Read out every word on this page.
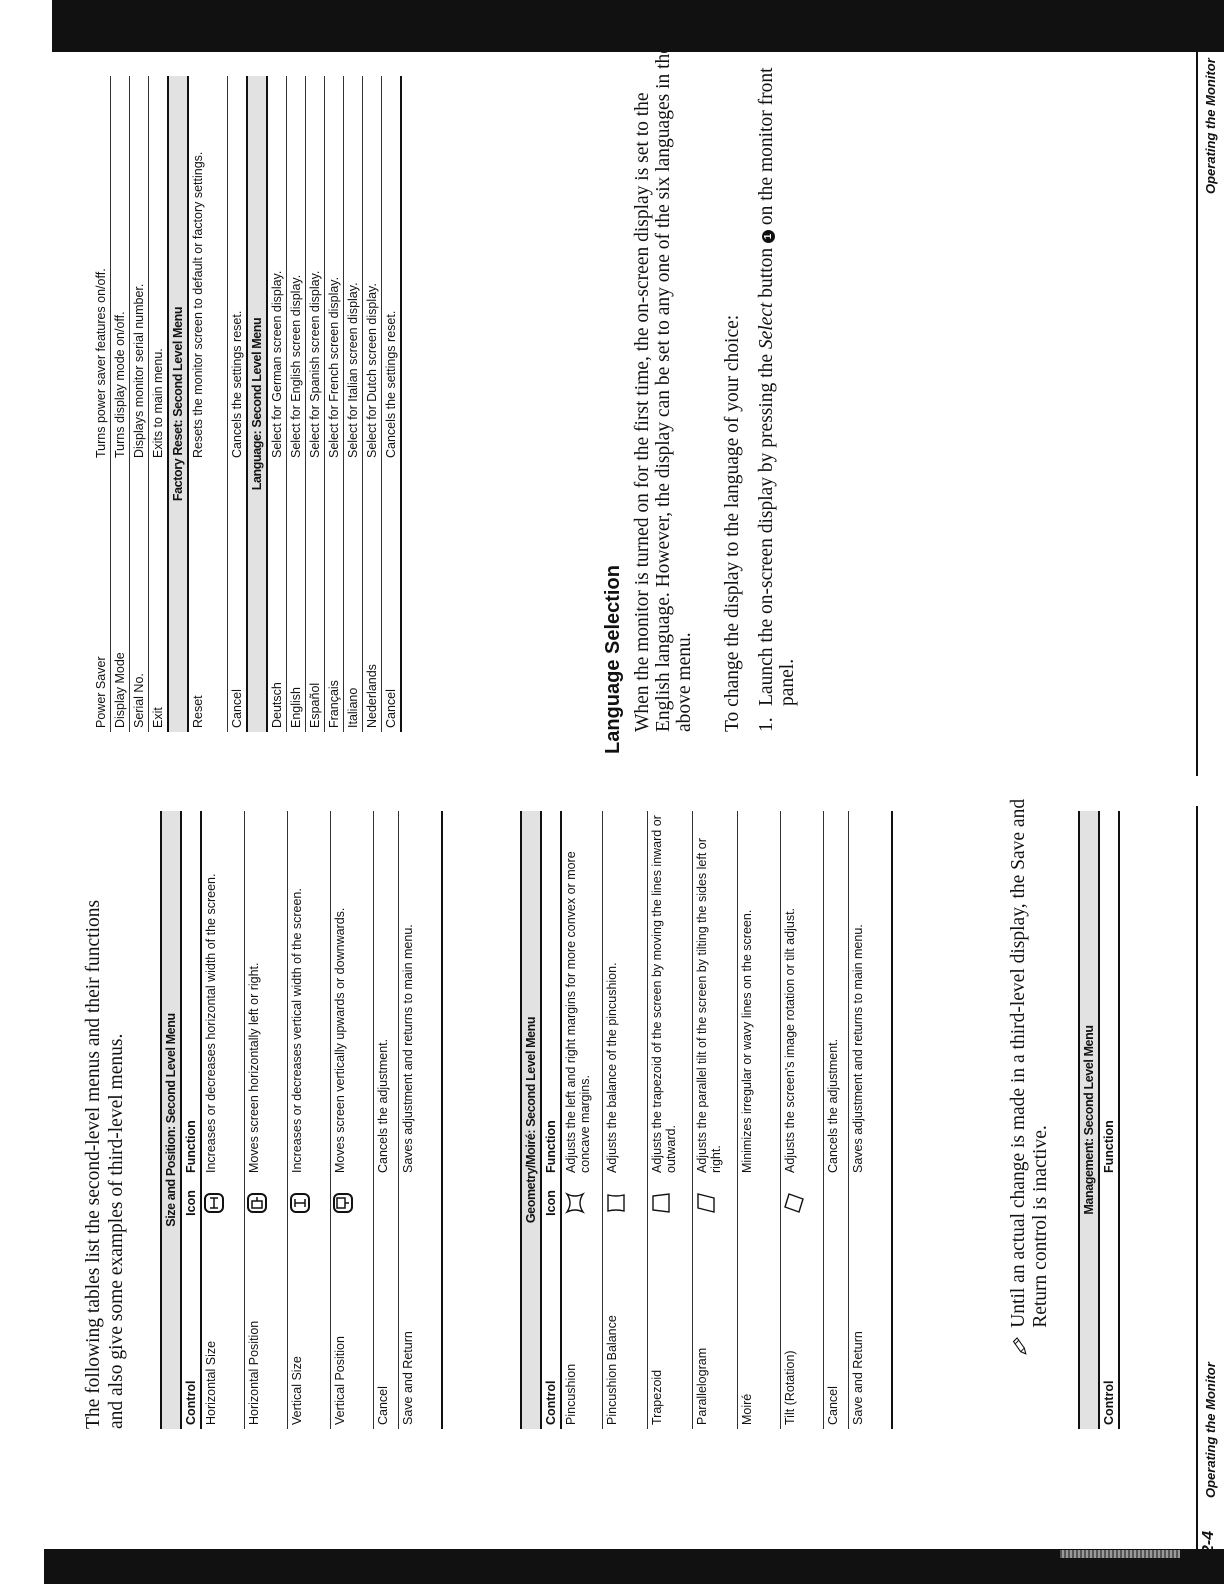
The following tables list the second-level menus and their functions and also give some examples of third-level menus.	Size and Position: Second Level Menu		
Control	Icon	Function
Horizontal Size		Increases or decreases horizontal width of the screen.
Horizontal Position		Moves screen horizontally left or right.
Vertical Size		Increases or decreases vertical width of the screen.
Vertical Position		Moves screen vertically upwards or downwards.
Cancel		Cancels the adjustment.
Save and Return		Saves adjustment and returns to main menu.	Geometry/Moiré: Second Level Menu		
Control	Icon	Function
Pincushion		Adjusts the left and right margins for more convex or more concave margins.
Pincushion Balance		Adjusts the balance of the pincushion.
Trapezoid		Adjusts the trapezoid of the screen by moving the lines inward or outward.
Parallelogram		Adjusts the parallel tilt of the screen by tilting the sides left or right.
Moiré		Minimizes irregular or wavy lines on the screen.
Tilt (Rotation)		Adjusts the screen's image rotation or tilt adjust.
Cancel		Cancels the adjustment.
Save and Return		Saves adjustment and returns to main menu.	Until an actual change is made in a third-level display, the Save and Return control is inactive.
Management: Second Level Menu
Control		Function
2-4
Operating the Monitor
Power Saver	Turns power saver features on/off.
Display Mode	Turns display mode on/off.
Serial No.	Displays monitor serial number.
Exit	Exits to main menu.
Factory Reset: Second Level Menu	
Reset	Resets the monitor screen to default or factory settings.
Cancel	Cancels the settings reset.
Language: Second Level Menu	
Deutsch	Select for German screen display.
English	Select for English screen display.
Español	Select for Spanish screen display.
Français	Select for French screen display.
Italiano	Select for Italian screen display.
Nederlands	Select for Dutch screen display.
Cancel	Cancels the settings reset.
Language Selection When the monitor is turned on for the first time, the on-screen display is set to the English language. However, the display can be set to any one of the six languages in the above menu. To change the display to the language of your choice: 1.
Launch the on-screen display by pressing the Select button 1 on the monitor front panel.
Operating the Monitor
2-5
